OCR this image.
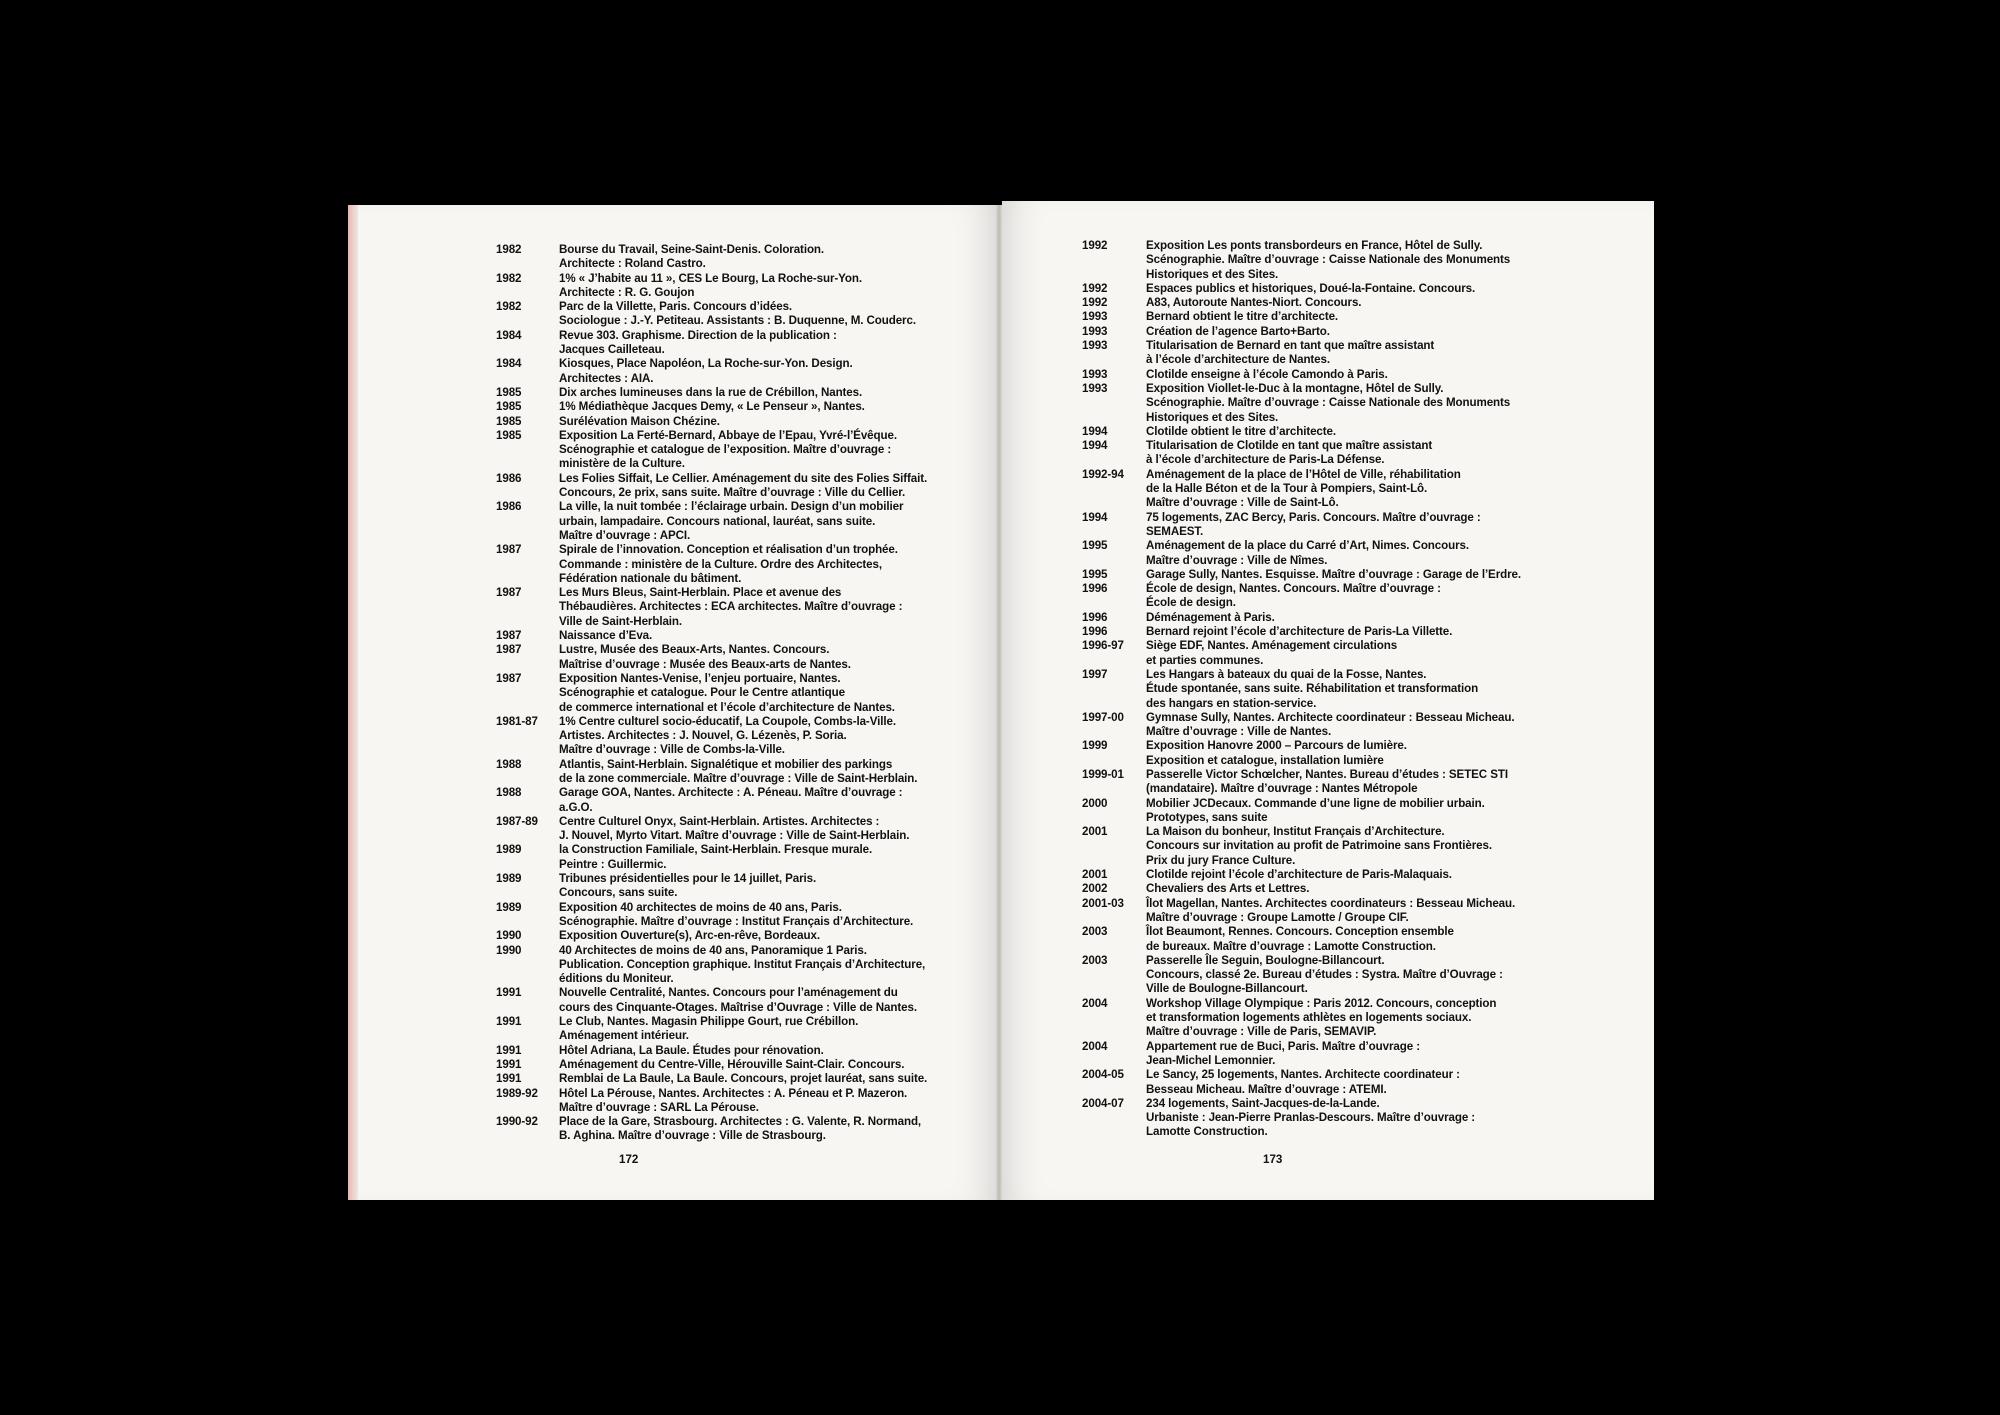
1982	Bourse du Travail, Seine-Saint-Denis. Coloration.
Architecte : Roland Castro.
1982	1% « J’habite au 11 », CES Le Bourg, La Roche-sur-Yon.
Architecte : R. G. Goujon
1982	Parc de la Villette, Paris. Concours d’idées.
Sociologue : J.-Y. Petiteau. Assistants : B. Duquenne, M. Couderc.
1984	Revue 303. Graphisme. Direction de la publication :
Jacques Cailleteau.
1984	Kiosques, Place Napoléon, La Roche-sur-Yon. Design.
Architectes : AIA.
1985	Dix arches lumineuses dans la rue de Crébillon, Nantes.
1985	1% Médiathèque Jacques Demy, « Le Penseur », Nantes.
1985	Surélévation Maison Chézine.
1985	Exposition La Ferté-Bernard, Abbaye de l’Epau, Yvré-l’Évêque.
Scénographie et catalogue de l’exposition. Maître d’ouvrage :
ministère de la Culture.
1986	Les Folies Siffait, Le Cellier. Aménagement du site des Folies Siffait.
Concours, 2e prix, sans suite. Maître d’ouvrage : Ville du Cellier.
1986	La ville, la nuit tombée : l’éclairage urbain. Design d’un mobilier
urbain, lampadaire. Concours national, lauréat, sans suite.
Maître d’ouvrage : APCI.
1987	Spirale de l’innovation. Conception et réalisation d’un trophée.
Commande : ministère de la Culture. Ordre des Architectes,
Fédération nationale du bâtiment.
1987	Les Murs Bleus, Saint-Herblain. Place et avenue des
Thébaudières. Architectes : ECA architectes. Maître d’ouvrage :
Ville de Saint-Herblain.
1987	Naissance d’Eva.
1987	Lustre, Musée des Beaux-Arts, Nantes. Concours.
Maîtrise d’ouvrage : Musée des Beaux-arts de Nantes.
1987	Exposition Nantes-Venise, l’enjeu portuaire, Nantes.
Scénographie et catalogue. Pour le Centre atlantique
de commerce international et l’école d’architecture de Nantes.
1981-87	1% Centre culturel socio-éducatif, La Coupole, Combs-la-Ville.
Artistes. Architectes : J. Nouvel, G. Lézenès, P. Soria.
Maître d’ouvrage : Ville de Combs-la-Ville.
1988	Atlantis, Saint-Herblain. Signalétique et mobilier des parkings
de la zone commerciale. Maître d’ouvrage : Ville de Saint-Herblain.
1988	Garage GOA, Nantes. Architecte : A. Péneau. Maître d’ouvrage :
a.G.O.
1987-89	Centre Culturel Onyx, Saint-Herblain. Artistes. Architectes :
J. Nouvel, Myrto Vitart. Maître d’ouvrage : Ville de Saint-Herblain.
1989	la Construction Familiale, Saint-Herblain. Fresque murale.
Peintre : Guillermic.
1989	Tribunes présidentielles pour le 14 juillet, Paris.
Concours, sans suite.
1989	Exposition 40 architectes de moins de 40 ans, Paris.
Scénographie. Maître d’ouvrage : Institut Français d’Architecture.
1990	Exposition Ouverture(s), Arc-en-rêve, Bordeaux.
1990	40 Architectes de moins de 40 ans, Panoramique 1 Paris.
Publication. Conception graphique. Institut Français d’Architecture,
éditions du Moniteur.
1991	Nouvelle Centralité, Nantes. Concours pour l’aménagement du
cours des Cinquante-Otages. Maîtrise d’Ouvrage : Ville de Nantes.
1991	Le Club, Nantes. Magasin Philippe Gourt, rue Crébillon.
Aménagement intérieur.
1991	Hôtel Adriana, La Baule. Études pour rénovation.
1991	Aménagement du Centre-Ville, Hérouville Saint-Clair. Concours.
1991	Remblai de La Baule, La Baule. Concours, projet lauréat, sans suite.
1989-92	Hôtel La Pérouse, Nantes. Architectes : A. Péneau et P. Mazeron.
Maître d’ouvrage : SARL La Pérouse.
1990-92	Place de la Gare, Strasbourg. Architectes : G. Valente, R. Normand,
B. Aghina. Maître d’ouvrage : Ville de Strasbourg.
172
1992	Exposition Les ponts transbordeurs en France, Hôtel de Sully.
Scénographie. Maître d’ouvrage : Caisse Nationale des Monuments
Historiques et des Sites.
1992	Espaces publics et historiques, Doué-la-Fontaine. Concours.
1992	A83, Autoroute Nantes-Niort. Concours.
1993	Bernard obtient le titre d’architecte.
1993	Création de l’agence Barto+Barto.
1993	Titularisation de Bernard en tant que maître assistant
à l’école d’architecture de Nantes.
1993	Clotilde enseigne à l’école Camondo à Paris.
1993	Exposition Viollet-le-Duc à la montagne, Hôtel de Sully.
Scénographie. Maître d’ouvrage : Caisse Nationale des Monuments
Historiques et des Sites.
1994	Clotilde obtient le titre d’architecte.
1994	Titularisation de Clotilde en tant que maître assistant
à l’école d’architecture de Paris-La Défense.
1992-94	Aménagement de la place de l’Hôtel de Ville, réhabilitation
de la Halle Béton et de la Tour à Pompiers, Saint-Lô.
Maître d’ouvrage : Ville de Saint-Lô.
1994	75 logements, ZAC Bercy, Paris. Concours. Maître d’ouvrage :
SEMAEST.
1995	Aménagement de la place du Carré d’Art, Nimes. Concours.
Maître d’ouvrage : Ville de Nîmes.
1995	Garage Sully, Nantes. Esquisse. Maître d’ouvrage : Garage de l’Erdre.
1996	École de design, Nantes. Concours. Maître d’ouvrage :
École de design.
1996	Déménagement à Paris.
1996	Bernard rejoint l’école d’architecture de Paris-La Villette.
1996-97	Siège EDF, Nantes. Aménagement circulations
et parties communes.
1997	Les Hangars à bateaux du quai de la Fosse, Nantes.
Étude spontanée, sans suite. Réhabilitation et transformation
des hangars en station-service.
1997-00	Gymnase Sully, Nantes. Architecte coordinateur : Besseau Micheau.
Maître d’ouvrage : Ville de Nantes.
1999	Exposition Hanovre 2000 – Parcours de lumière.
Exposition et catalogue, installation lumière
1999-01	Passerelle Victor Schœlcher, Nantes. Bureau d’études : SETEC STI
(mandataire). Maître d’ouvrage : Nantes Métropole
2000	Mobilier JCDecaux. Commande d’une ligne de mobilier urbain.
Prototypes, sans suite
2001	La Maison du bonheur, Institut Français d’Architecture.
Concours sur invitation au profit de Patrimoine sans Frontières.
Prix du jury France Culture.
2001	Clotilde rejoint l’école d’architecture de Paris-Malaquais.
2002	Chevaliers des Arts et Lettres.
2001-03	Îlot Magellan, Nantes. Architectes coordinateurs : Besseau Micheau.
Maître d’ouvrage : Groupe Lamotte / Groupe CIF.
2003	Îlot Beaumont, Rennes. Concours. Conception ensemble
de bureaux. Maître d’ouvrage : Lamotte Construction.
2003	Passerelle Île Seguin, Boulogne-Billancourt.
Concours, classé 2e. Bureau d’études : Systra. Maître d’Ouvrage :
Ville de Boulogne-Billancourt.
2004	Workshop Village Olympique : Paris 2012. Concours, conception
et transformation logements athlètes en logements sociaux.
Maître d’ouvrage : Ville de Paris, SEMAVIP.
2004	Appartement rue de Buci, Paris. Maître d’ouvrage :
Jean-Michel Lemonnier.
2004-05	Le Sancy, 25 logements, Nantes. Architecte coordinateur :
Besseau Micheau. Maître d’ouvrage : ATEMI.
2004-07	234 logements, Saint-Jacques-de-la-Lande.
Urbaniste : Jean-Pierre Pranlas-Descours. Maître d’ouvrage :
Lamotte Construction.
173
